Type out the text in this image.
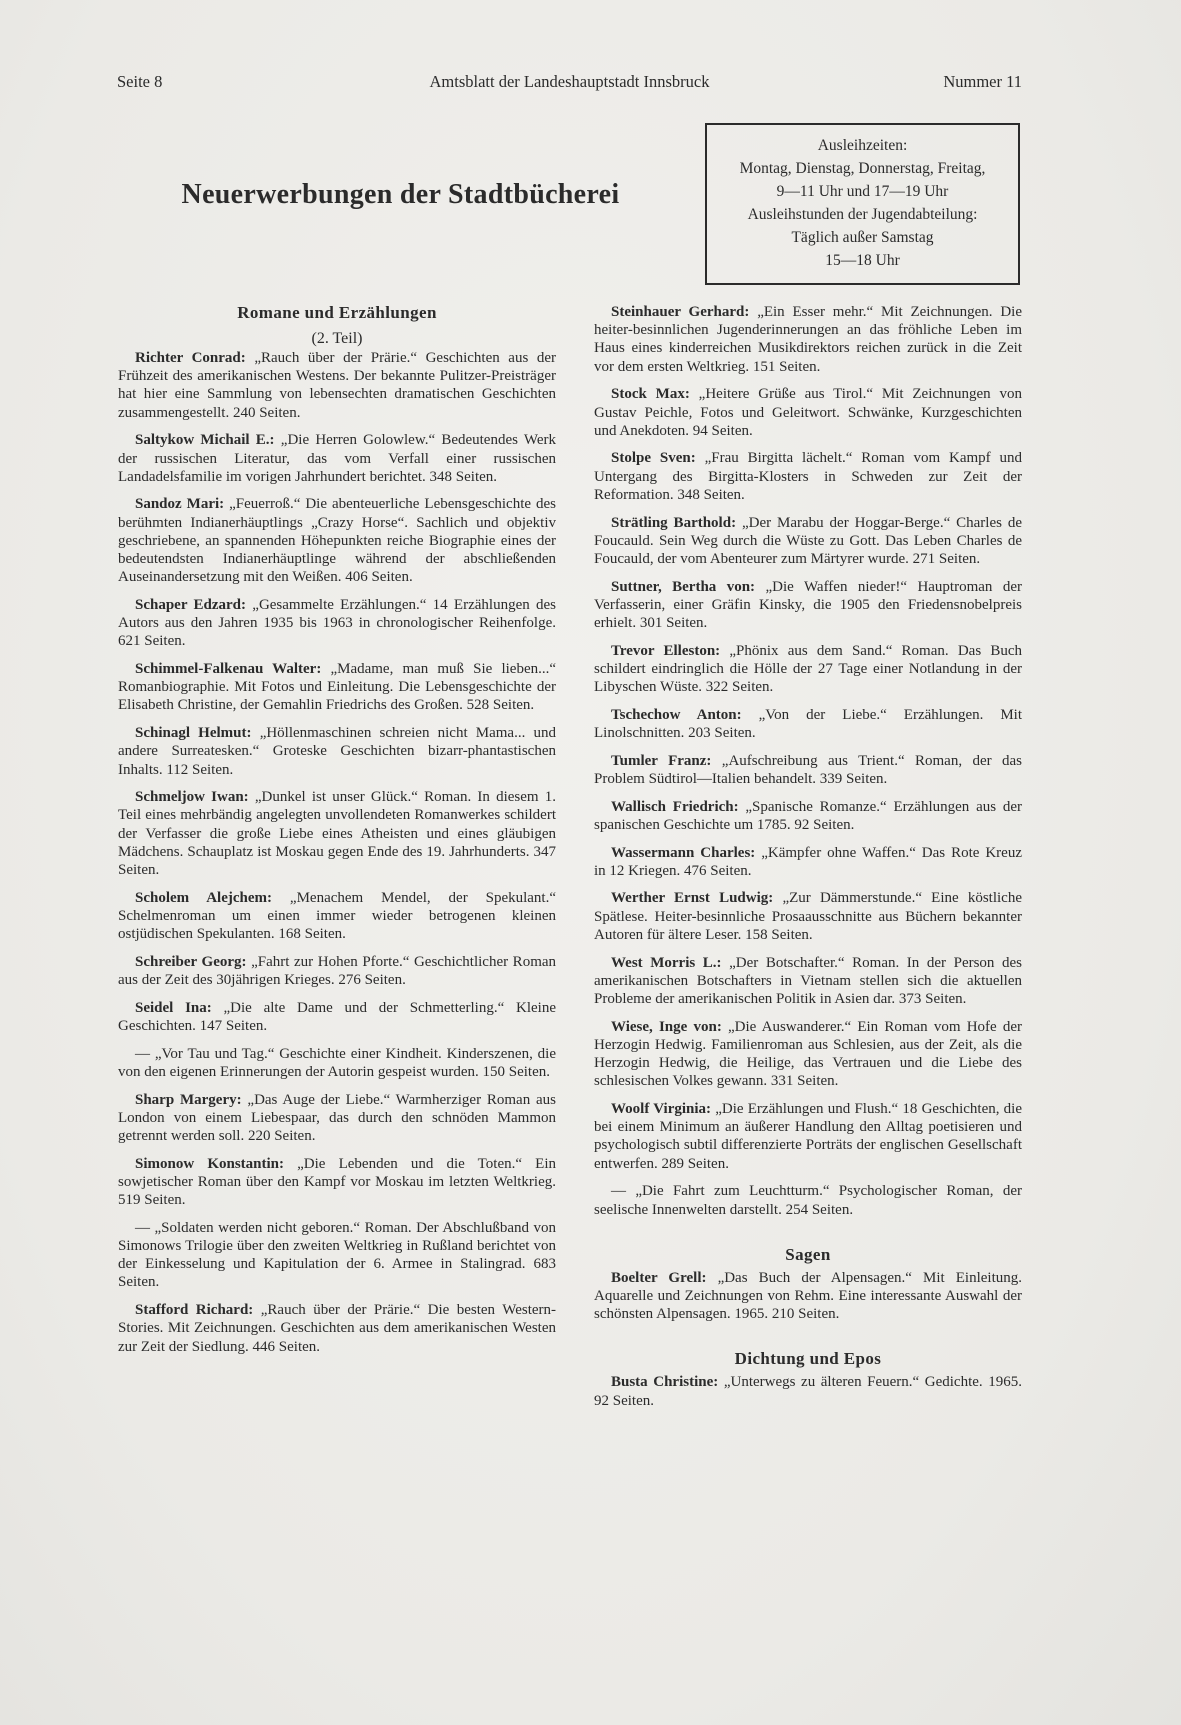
Seite 8	Amtsblatt der Landeshauptstadt Innsbruck	Nummer 11
Ausleihzeiten:
Montag, Dienstag, Donnerstag, Freitag,
9—11 Uhr und 17—19 Uhr
Ausleihstunden der Jugendabteilung:
Täglich außer Samstag
15—18 Uhr
Neuerwerbungen der Stadtbücherei
Romane und Erzählungen
(2. Teil)

Richter Conrad: „Rauch über der Prärie.“ Geschichten aus der Frühzeit des amerikanischen Westens. Der bekannte Pulitzer-Preisträger hat hier eine Sammlung von lebensechten dramatischen Geschichten zusammengestellt. 240 Seiten.

Saltykow Michail E.: „Die Herren Golowlew.“ Bedeutendes Werk der russischen Literatur, das vom Verfall einer russischen Landadelsfamilie im vorigen Jahrhundert berichtet. 348 Seiten.

Sandoz Mari: „Feuerroß.“ Die abenteuerliche Lebensgeschichte des berühmten Indianerhäuptlings „Crazy Horse“. Sachlich und objektiv geschriebene, an spannenden Höhepunkten reiche Biographie eines der bedeutendsten Indianerhäuptlinge während der abschließenden Auseinandersetzung mit den Weißen. 406 Seiten.

Schaper Edzard: „Gesammelte Erzählungen.“ 14 Erzählungen des Autors aus den Jahren 1935 bis 1963 in chronologischer Reihenfolge. 621 Seiten.

Schimmel-Falkenau Walter: „Madame, man muß Sie lieben...“ Romanbiographie. Mit Fotos und Einleitung. Die Lebensgeschichte der Elisabeth Christine, der Gemahlin Friedrichs des Großen. 528 Seiten.

Schinagl Helmut: „Höllenmaschinen schreien nicht Mama... und andere Surreatesken.“ Groteske Geschichten bizarr-phantastischen Inhalts. 112 Seiten.

Schmeljow Iwan: „Dunkel ist unser Glück.“ Roman. In diesem 1. Teil eines mehrbändig angelegten unvollendeten Romanwerkes schildert der Verfasser die große Liebe eines Atheisten und eines gläubigen Mädchens. Schauplatz ist Moskau gegen Ende des 19. Jahrhunderts. 347 Seiten.

Scholem Alejchem: „Menachem Mendel, der Spekulant.“ Schelmenroman um einen immer wieder betrogenen kleinen ostjüdischen Spekulanten. 168 Seiten.

Schreiber Georg: „Fahrt zur Hohen Pforte.“ Geschichtlicher Roman aus der Zeit des 30jährigen Krieges. 276 Seiten.

Seidel Ina: „Die alte Dame und der Schmetterling.“ Kleine Geschichten. 147 Seiten.

— „Vor Tau und Tag.“ Geschichte einer Kindheit. Kinderszenen, die von den eigenen Erinnerungen der Autorin gespeist wurden. 150 Seiten.

Sharp Margery: „Das Auge der Liebe.“ Warmherziger Roman aus London von einem Liebespaar, das durch den schnöden Mammon getrennt werden soll. 220 Seiten.

Simonow Konstantin: „Die Lebenden und die Toten.“ Ein sowjetischer Roman über den Kampf vor Moskau im letzten Weltkrieg. 519 Seiten.

— „Soldaten werden nicht geboren.“ Roman. Der Abschlußband von Simonows Trilogie über den zweiten Weltkrieg in Rußland berichtet von der Einkesselung und Kapitulation der 6. Armee in Stalingrad. 683 Seiten.

Stafford Richard: „Rauch über der Prärie.“ Die besten Western-Stories. Mit Zeichnungen. Geschichten aus dem amerikanischen Westen zur Zeit der Siedlung. 446 Seiten.

Steinhauer Gerhard: „Ein Esser mehr.“ Mit Zeichnungen. Die heiter-besinnlichen Jugenderinnerungen an das fröhliche Leben im Haus eines kinderreichen Musikdirektors reichen zurück in die Zeit vor dem ersten Weltkrieg. 151 Seiten.

Stock Max: „Heitere Grüße aus Tirol.“ Mit Zeichnungen von Gustav Peichle, Fotos und Geleitwort. Schwänke, Kurzgeschichten und Anekdoten. 94 Seiten.

Stolpe Sven: „Frau Birgitta lächelt.“ Roman vom Kampf und Untergang des Birgitta-Klosters in Schweden zur Zeit der Reformation. 348 Seiten.

Strätling Barthold: „Der Marabu der Hoggar-Berge.“ Charles de Foucauld. Sein Weg durch die Wüste zu Gott. Das Leben Charles de Foucauld, der vom Abenteurer zum Märtyrer wurde. 271 Seiten.

Suttner, Bertha von: „Die Waffen nieder!“ Hauptroman der Verfasserin, einer Gräfin Kinsky, die 1905 den Friedensnobelpreis erhielt. 301 Seiten.

Trevor Elleston: „Phönix aus dem Sand.“ Roman. Das Buch schildert eindringlich die Hölle der 27 Tage einer Notlandung in der Libyschen Wüste. 322 Seiten.

Tschechow Anton: „Von der Liebe.“ Erzählungen. Mit Linolschnitten. 203 Seiten.

Tumler Franz: „Aufschreibung aus Trient.“ Roman, der das Problem Südtirol—Italien behandelt. 339 Seiten.

Wallisch Friedrich: „Spanische Romanze.“ Erzählungen aus der spanischen Geschichte um 1785. 92 Seiten.

Wassermann Charles: „Kämpfer ohne Waffen.“ Das Rote Kreuz in 12 Kriegen. 476 Seiten.

Werther Ernst Ludwig: „Zur Dämmerstunde.“ Eine köstliche Spätlese. Heiter-besinnliche Prosaausschnitte aus Büchern bekannter Autoren für ältere Leser. 158 Seiten.

West Morris L.: „Der Botschafter.“ Roman. In der Person des amerikanischen Botschafters in Vietnam stellen sich die aktuellen Probleme der amerikanischen Politik in Asien dar. 373 Seiten.

Wiese, Inge von: „Die Auswanderer.“ Ein Roman vom Hofe der Herzogin Hedwig. Familienroman aus Schlesien, aus der Zeit, als die Herzogin Hedwig, die Heilige, das Vertrauen und die Liebe des schlesischen Volkes gewann. 331 Seiten.

Woolf Virginia: „Die Erzählungen und Flush.“ 18 Geschichten, die bei einem Minimum an äußerer Handlung den Alltag poetisieren und psychologisch subtil differenzierte Porträts der englischen Gesellschaft entwerfen. 289 Seiten.

— „Die Fahrt zum Leuchtturm.“ Psychologischer Roman, der seelische Innenwelten darstellt. 254 Seiten.

Sagen

Boelter Grell: „Das Buch der Alpensagen.“ Mit Einleitung. Aquarelle und Zeichnungen von Rehm. Eine interessante Auswahl der schönsten Alpensagen. 1965. 210 Seiten.

Dichtung und Epos

Busta Christine: „Unterwegs zu älteren Feuern.“ Gedichte. 1965. 92 Seiten.
